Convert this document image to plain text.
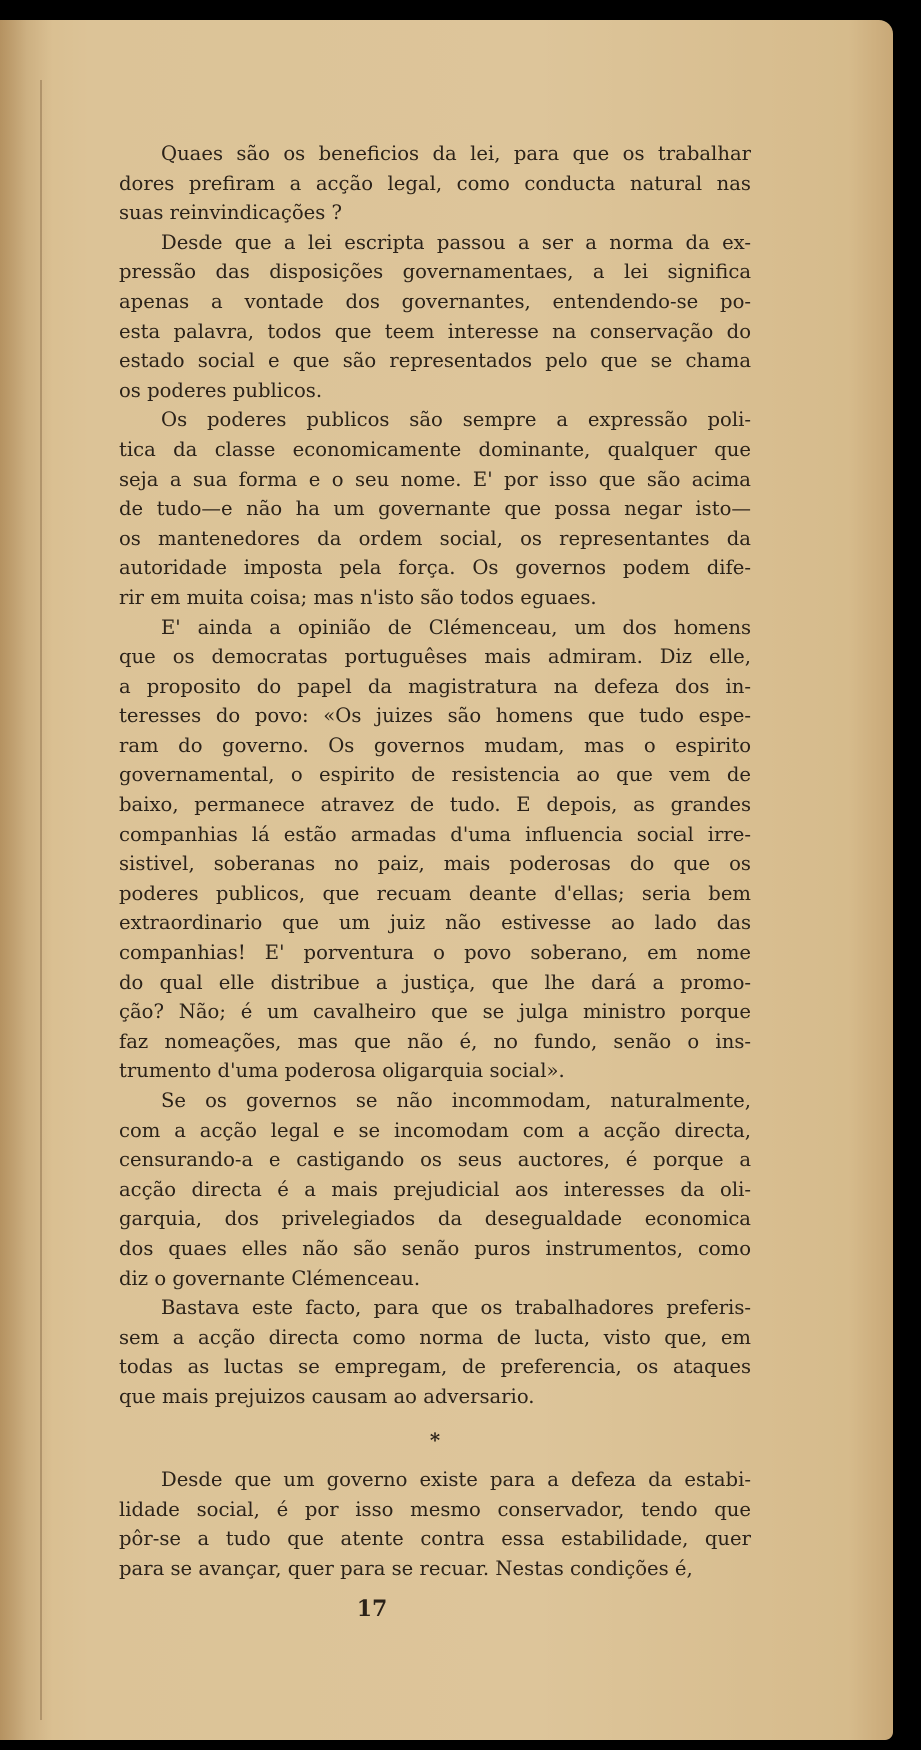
Quaes são os beneficios da lei, para que os trabalhar
dores prefiram a acção legal, como conducta natural nas
suas reinvindicações ?
Desde que a lei escripta passou a ser a norma da ex-
pressão das disposições governamentaes, a lei significa
apenas a vontade dos governantes, entendendo-se po-
esta palavra, todos que teem interesse na conservação do
estado social e que são representados pelo que se chama
os poderes publicos.
Os poderes publicos são sempre a expressão poli-
tica da classe economicamente dominante, qualquer que
seja a sua forma e o seu nome. E' por isso que são acima
de tudo—e não ha um governante que possa negar isto—
os mantenedores da ordem social, os representantes da
autoridade imposta pela força. Os governos podem dife-
rir em muita coisa; mas n'isto são todos eguaes.
E' ainda a opinião de Clémenceau, um dos homens
que os democratas portuguêses mais admiram. Diz elle,
a proposito do papel da magistratura na defeza dos in-
teresses do povo: «Os juizes são homens que tudo espe-
ram do governo. Os governos mudam, mas o espirito
governamental, o espirito de resistencia ao que vem de
baixo, permanece atravez de tudo. E depois, as grandes
companhias lá estão armadas d'uma influencia social irre-
sistivel, soberanas no paiz, mais poderosas do que os
poderes publicos, que recuam deante d'ellas; seria bem
extraordinario que um juiz não estivesse ao lado das
companhias! E' porventura o povo soberano, em nome
do qual elle distribue a justiça, que lhe dará a promo-
ção? Não; é um cavalheiro que se julga ministro porque
faz nomeações, mas que não é, no fundo, senão o ins-
trumento d'uma poderosa oligarquia social».
Se os governos se não incommodam, naturalmente,
com a acção legal e se incomodam com a acção directa,
censurando-a e castigando os seus auctores, é porque a
acção directa é a mais prejudicial aos interesses da oli-
garquia, dos privelegiados da desegualdade economica
dos quaes elles não são senão puros instrumentos, como
diz o governante Clémenceau.
Bastava este facto, para que os trabalhadores preferis-
sem a acção directa como norma de lucta, visto que, em
todas as luctas se empregam, de preferencia, os ataques
que mais prejuizos causam ao adversario.
*
Desde que um governo existe para a defeza da estabi-
lidade social, é por isso mesmo conservador, tendo que
pôr-se a tudo que atente contra essa estabilidade, quer
para se avançar, quer para se recuar. Nestas condições é,
17
